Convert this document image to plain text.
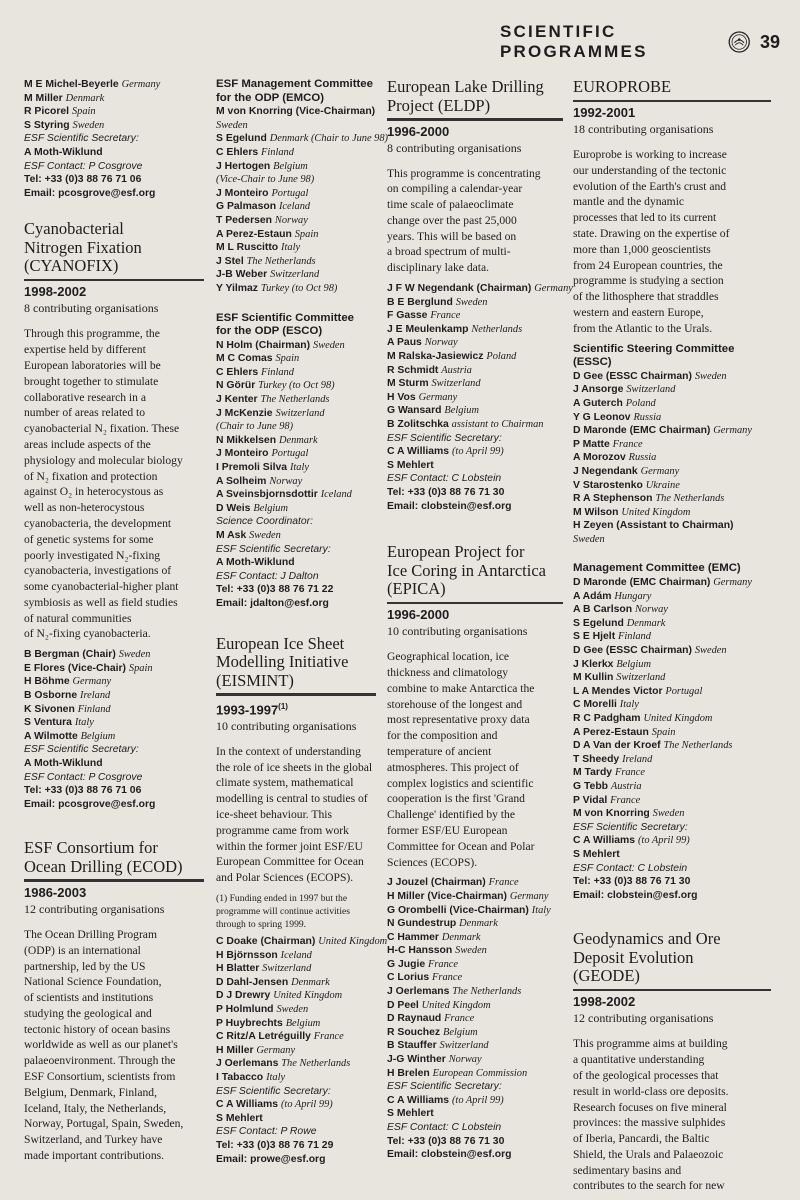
SCIENTIFIC PROGRAMMES	39
M E Michel-Beyerle Germany
M Miller Denmark
R Picorel Spain
S Styring Sweden
ESF Scientific Secretary:
A Moth-Wiklund
ESF Contact: P Cosgrove
Tel: +33 (0)3 88 76 71 06
Email: pcosgrove@esf.org
Cyanobacterial
Nitrogen Fixation
(CYANOFIX)
1998-2002
8 contributing organisations
Through this programme, the
expertise held by different
European laboratories will be
brought together to stimulate
collaborative research in a
number of areas related to
cyanobacterial N₂ fixation. These
areas include aspects of the
physiology and molecular biology
of N₂ fixation and protection
against O₂ in heterocystous as
well as non-heterocystous
cyanobacteria, the development
of genetic systems for some
poorly investigated N₂-fixing
cyanobacteria, investigations of
some cyanobacterial-higher plant
symbiosis as well as field studies
of natural communities
of N₂-fixing cyanobacteria.
B Bergman (Chair) Sweden
E Flores (Vice-Chair) Spain
H Böhme Germany
B Osborne Ireland
K Sivonen Finland
S Ventura Italy
A Wilmotte Belgium
ESF Scientific Secretary:
A Moth-Wiklund
ESF Contact: P Cosgrove
Tel: +33 (0)3 88 76 71 06
Email: pcosgrove@esf.org
ESF Consortium for
Ocean Drilling (ECOD)
1986-2003
12 contributing organisations
The Ocean Drilling Program
(ODP) is an international
partnership, led by the US
National Science Foundation,
of scientists and institutions
studying the geological and
tectonic history of ocean basins
worldwide as well as our planet's
palaeoenvironment. Through the
ESF Consortium, scientists from
Belgium, Denmark, Finland,
Iceland, Italy, the Netherlands,
Norway, Portugal, Spain, Sweden,
Switzerland, and Turkey have
made important contributions.
ESF Management Committee
for the ODP (EMCO)
M von Knorring (Vice-Chairman)
Sweden
S Egelund Denmark (Chair to June 98)
C Ehlers Finland
J Hertogen Belgium
(Vice-Chair to June 98)
J Monteiro Portugal
G Palmason Iceland
T Pedersen Norway
A Perez-Estaun Spain
M L Ruscitto Italy
J Stel The Netherlands
J-B Weber Switzerland
Y Yilmaz Turkey (to Oct 98)
ESF Scientific Committee
for the ODP (ESCO)
N Holm (Chairman) Sweden
M C Comas Spain
C Ehlers Finland
N Görür Turkey (to Oct 98)
J Kenter The Netherlands
J McKenzie Switzerland
(Chair to June 98)
N Mikkelsen Denmark
J Monteiro Portugal
I Premoli Silva Italy
A Solheim Norway
A Sveinsbjornsdottir Iceland
D Weis Belgium
Science Coordinator:
M Ask Sweden
ESF Scientific Secretary:
A Moth-Wiklund
ESF Contact: J Dalton
Tel: +33 (0)3 88 76 71 22
Email: jdalton@esf.org
European Ice Sheet
Modelling Initiative
(EISMINT)
1993-1997$^{(1)}$
10 contributing organisations
In the context of understanding
the role of ice sheets in the global
climate system, mathematical
modelling is central to studies of
ice-sheet behaviour. This
programme came from work
within the former joint ESF/EU
European Committee for Ocean
and Polar Sciences (ECOPS).
(1) Funding ended in 1997 but the
programme will continue activities
through to spring 1999.
C Doake (Chairman) United Kingdom
H Björnsson Iceland
H Blatter Switzerland
D Dahl-Jensen Denmark
D J Drewry United Kingdom
P Holmlund Sweden
P Huybrechts Belgium
C Ritz/A Letréguilly France
H Miller Germany
J Oerlemans The Netherlands
I Tabacco Italy
ESF Scientific Secretary:
C A Williams (to April 99)
S Mehlert
ESF Contact: P Rowe
Tel: +33 (0)3 88 76 71 29
Email: prowe@esf.org
European Lake Drilling
Project (ELDP)
1996-2000
8 contributing organisations
This programme is concentrating
on compiling a calendar-year
time scale of palaeoclimate
change over the past 25,000
years. This will be based on
a broad spectrum of multi-
disciplinary lake data.
J F W Negendank (Chairman) Germany
B E Berglund Sweden
F Gasse France
J E Meulenkamp Netherlands
A Paus Norway
M Ralska-Jasiewicz Poland
R Schmidt Austria
M Sturm Switzerland
H Vos Germany
G Wansard Belgium
B Zolitschka assistant to Chairman
ESF Scientific Secretary:
C A Williams (to April 99)
S Mehlert
ESF Contact: C Lobstein
Tel: +33 (0)3 88 76 71 30
Email: clobstein@esf.org
European Project for
Ice Coring in Antarctica
(EPICA)
1996-2000
10 contributing organisations
Geographical location, ice
thickness and climatology
combine to make Antarctica the
storehouse of the longest and
most representative proxy data
for the composition and
temperature of ancient
atmospheres. This project of
complex logistics and scientific
cooperation is the first 'Grand
Challenge' identified by the
former ESF/EU European
Committee for Ocean and Polar
Sciences (ECOPS).
J Jouzel (Chairman) France
H Miller (Vice-Chairman) Germany
G Orombelli (Vice-Chairman) Italy
N Gundestrup Denmark
C Hammer Denmark
H-C Hansson Sweden
G Jugie France
C Lorius France
J Oerlemans The Netherlands
D Peel United Kingdom
D Raynaud France
R Souchez Belgium
B Stauffer Switzerland
J-G Winther Norway
H Brelen European Commission
ESF Scientific Secretary:
C A Williams (to April 99)
S Mehlert
ESF Contact: C Lobstein
Tel: +33 (0)3 88 76 71 30
Email: clobstein@esf.org
EUROPROBE
1992-2001
18 contributing organisations
Europrobe is working to increase
our understanding of the tectonic
evolution of the Earth's crust and
mantle and the dynamic
processes that led to its current
state. Drawing on the expertise of
more than 1,000 geoscientists
from 24 European countries, the
programme is studying a section
of the lithosphere that straddles
western and eastern Europe,
from the Atlantic to the Urals.
Scientific Steering Committee
(ESSC)
D Gee (ESSC Chairman) Sweden
J Ansorge Switzerland
A Guterch Poland
Y G Leonov Russia
D Maronde (EMC Chairman) Germany
P Matte France
A Morozov Russia
J Negendank Germany
V Starostenko Ukraine
R A Stephenson The Netherlands
M Wilson United Kingdom
H Zeyen (Assistant to Chairman)
Sweden
Management Committee (EMC)
D Maronde (EMC Chairman) Germany
A Adám Hungary
A B Carlson Norway
S Egelund Denmark
S E Hjelt Finland
D Gee (ESSC Chairman) Sweden
J Klerkx Belgium
M Kullin Switzerland
L A Mendes Victor Portugal
C Morelli Italy
R C Padgham United Kingdom
A Perez-Estaun Spain
D A Van der Kroef The Netherlands
T Sheedy Ireland
M Tardy France
G Tebb Austria
P Vidal France
M von Knorring Sweden
ESF Scientific Secretary:
C A Williams (to April 99)
S Mehlert
ESF Contact: C Lobstein
Tel: +33 (0)3 88 76 71 30
Email: clobstein@esf.org
Geodynamics and Ore
Deposit Evolution
(GEODE)
1998-2002
12 contributing organisations
This programme aims at building
a quantitative understanding
of the geological processes that
result in world-class ore deposits.
Research focuses on five mineral
provinces: the massive sulphides
of Iberia, Pancardi, the Baltic
Shield, the Urals and Palaeozoic
sedimentary basins and
contributes to the search for new
